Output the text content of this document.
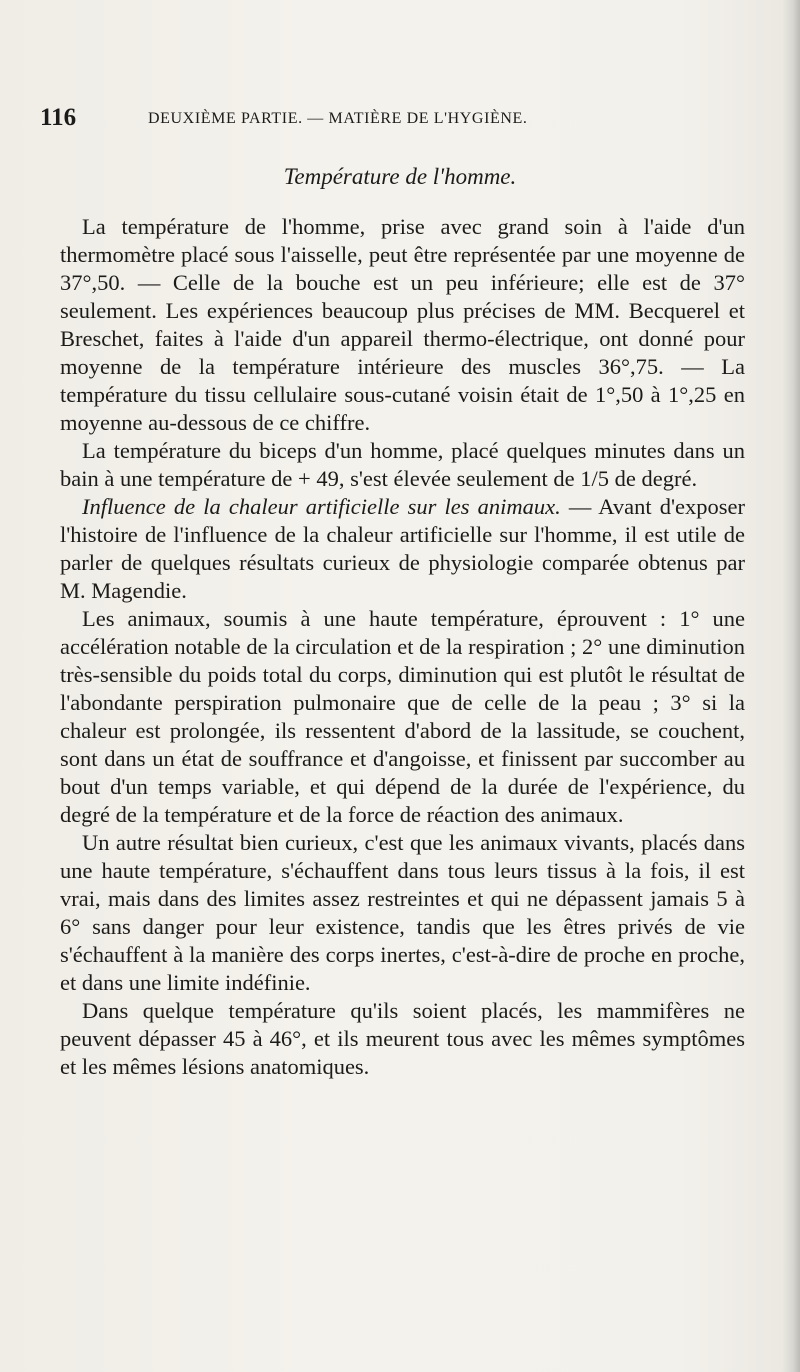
116	DEUXIÈME PARTIE. — MATIÈRE DE L'HYGIÈNE.
Température de l'homme.

La température de l'homme, prise avec grand soin à l'aide d'un thermomètre placé sous l'aisselle, peut être représentée par une moyenne de 37°,50. — Celle de la bouche est un peu inférieure; elle est de 37° seulement. Les expériences beaucoup plus précises de MM. Becquerel et Breschet, faites à l'aide d'un appareil thermo-électrique, ont donné pour moyenne de la température intérieure des muscles 36°,75. — La température du tissu cellulaire sous-cutané voisin était de 1°,50 à 1°,25 en moyenne au-dessous de ce chiffre.

La température du biceps d'un homme, placé quelques minutes dans un bain à une température de + 49, s'est élevée seulement de 1/5 de degré.

Influence de la chaleur artificielle sur les animaux. — Avant d'exposer l'histoire de l'influence de la chaleur artificielle sur l'homme, il est utile de parler de quelques résultats curieux de physiologie comparée obtenus par M. Magendie.

Les animaux, soumis à une haute température, éprouvent : 1° une accélération notable de la circulation et de la respiration ; 2° une diminution très-sensible du poids total du corps, diminution qui est plutôt le résultat de l'abondante perspiration pulmonaire que de celle de la peau ; 3° si la chaleur est prolongée, ils ressentent d'abord de la lassitude, se couchent, sont dans un état de souffrance et d'angoisse, et finissent par succomber au bout d'un temps variable, et qui dépend de la durée de l'expérience, du degré de la température et de la force de réaction des animaux.

Un autre résultat bien curieux, c'est que les animaux vivants, placés dans une haute température, s'échauffent dans tous leurs tissus à la fois, il est vrai, mais dans des limites assez restreintes et qui ne dépassent jamais 5 à 6° sans danger pour leur existence, tandis que les êtres privés de vie s'échauffent à la manière des corps inertes, c'est-à-dire de proche en proche, et dans une limite indéfinie.

Dans quelque température qu'ils soient placés, les mammifères ne peuvent dépasser 45 à 46°, et ils meurent tous avec les mêmes symptômes et les mêmes lésions anatomiques.
